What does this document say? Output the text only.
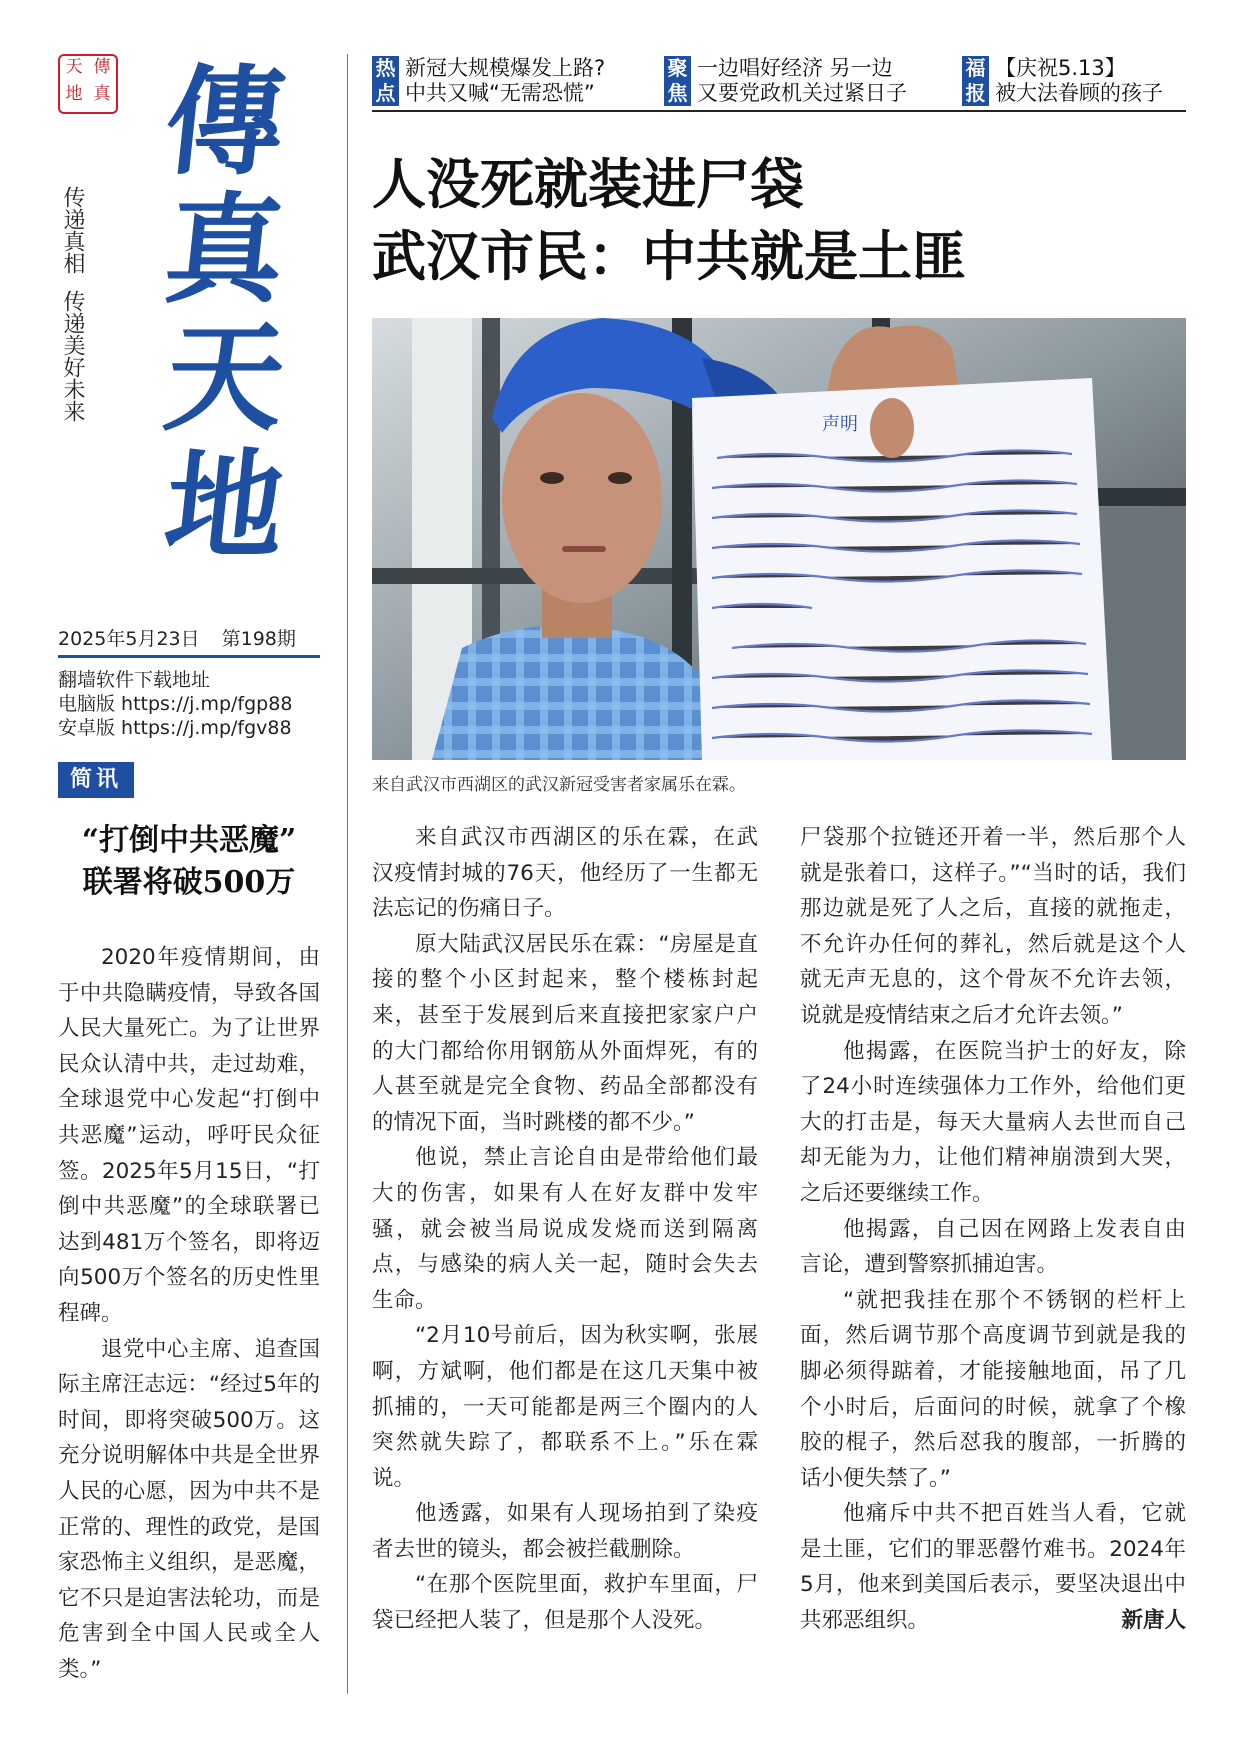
天 傳
地 真 傳
真
天
地
传递真相
传递美好未来
2025年5月23日 第198期
翻墙软件下载地址
电脑版 https://j.mp/fgp88
安卓版 https://j.mp/fgv88
简讯
“打倒中共恶魔”
联署将破500万

2020年疫情期间，由于中共隐瞒疫情，导致各国人民大量死亡。为了让世界民众认清中共，走过劫难，全球退党中心发起“打倒中共恶魔”运动，呼吁民众征签。2025年5月15日，“打倒中共恶魔”的全球联署已达到481万个签名，即将迈向500万个签名的历史性里程碑。

退党中心主席、追查国际主席汪志远：“经过5年的时间，即将突破500万。这充分说明解体中共是全世界人民的心愿，因为中共不是正常的、理性的政党，是国家恐怖主义组织，是恶魔，它不只是迫害法轮功，而是危害到全中国人民或全人类。”

热
点
新冠大规模爆发上路?
中共又喊“无需恐慌”
聚
焦
一边唱好经济 另一边
又要党政机关过紧日子
福
报
【庆祝5.13】
被大法眷顾的孩子
人没死就装进尸袋
武汉市民：中共就是土匪
声明
来自武汉市西湖区的武汉新冠受害者家属乐在霖。

来自武汉市西湖区的乐在霖，在武汉疫情封城的76天，他经历了一生都无法忘记的伤痛日子。

原大陆武汉居民乐在霖：“房屋是直接的整个小区封起来，整个楼栋封起来，甚至于发展到后来直接把家家户户的大门都给你用钢筋从外面焊死，有的人甚至就是完全食物、药品全部都没有的情况下面，当时跳楼的都不少。”

他说，禁止言论自由是带给他们最大的伤害，如果有人在好友群中发牢骚，就会被当局说成发烧而送到隔离点，与感染的病人关一起，随时会失去生命。

“2月10号前后，因为秋实啊，张展啊，方斌啊，他们都是在这几天集中被抓捕的，一天可能都是两三个圈内的人突然就失踪了，都联系不上。”乐在霖说。

他透露，如果有人现场拍到了染疫者去世的镜头，都会被拦截删除。

“在那个医院里面，救护车里面，尸袋已经把人装了，但是那个人没死。

尸袋那个拉链还开着一半，然后那个人就是张着口，这样子。”“当时的话，我们那边就是死了人之后，直接的就拖走，不允许办任何的葬礼，然后就是这个人就无声无息的，这个骨灰不允许去领，说就是疫情结束之后才允许去领。”

他揭露，在医院当护士的好友，除了24小时连续强体力工作外，给他们更大的打击是，每天大量病人去世而自己却无能为力，让他们精神崩溃到大哭，之后还要继续工作。

他揭露，自己因在网路上发表自由言论，遭到警察抓捕迫害。

“就把我挂在那个不锈钢的栏杆上面，然后调节那个高度调节到就是我的脚必须得踮着，才能接触地面，吊了几个小时后，后面问的时候，就拿了个橡胶的棍子，然后怼我的腹部，一折腾的话小便失禁了。”

他痛斥中共不把百姓当人看，它就是土匪，它们的罪恶罄竹难书。2024年5月，他来到美国后表示，要坚决退出中共邪恶组织。	新唐人
